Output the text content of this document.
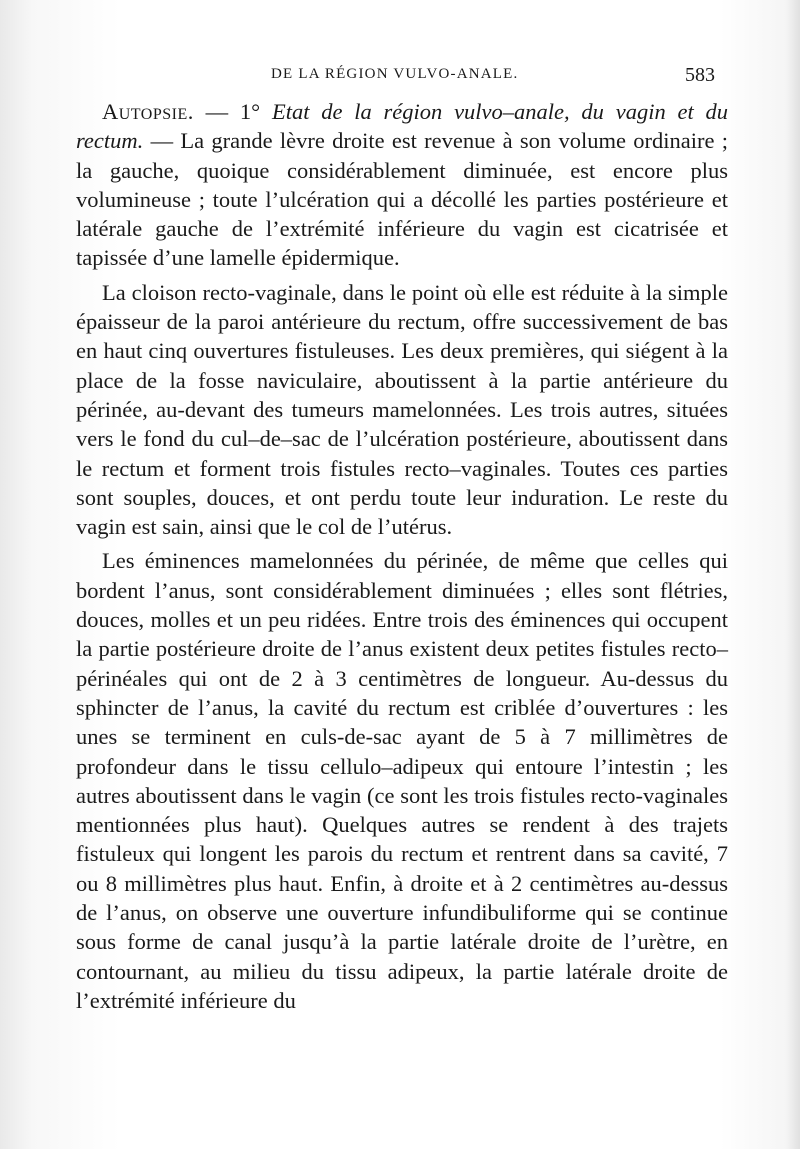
DE LA RÉGION VULVO-ANALE.	583

Autopsie. — 1° Etat de la région vulvo–anale, du vagin et du rectum. — La grande lèvre droite est revenue à son volume ordinaire ; la gauche, quoique considérablement diminuée, est encore plus volumineuse ; toute l’ulcération qui a décollé les parties postérieure et latérale gauche de l’extrémité inférieure du vagin est cicatrisée et tapissée d’une lamelle épidermique.

La cloison recto-vaginale, dans le point où elle est réduite à la simple épaisseur de la paroi antérieure du rectum, offre successivement de bas en haut cinq ouvertures fistuleuses. Les deux premières, qui siégent à la place de la fosse naviculaire, aboutissent à la partie antérieure du périnée, au-devant des tumeurs mamelonnées. Les trois autres, situées vers le fond du cul–de–sac de l’ulcération postérieure, aboutissent dans le rectum et forment trois fistules recto–vaginales. Toutes ces parties sont souples, douces, et ont perdu toute leur induration. Le reste du vagin est sain, ainsi que le col de l’utérus.

Les éminences mamelonnées du périnée, de même que celles qui bordent l’anus, sont considérablement diminuées ; elles sont flétries, douces, molles et un peu ridées. Entre trois des éminences qui occupent la partie postérieure droite de l’anus existent deux petites fistules recto–périnéales qui ont de 2 à 3 centimètres de longueur. Au-dessus du sphincter de l’anus, la cavité du rectum est criblée d’ouvertures : les unes se terminent en culs-de-sac ayant de 5 à 7 millimètres de profondeur dans le tissu cellulo–adipeux qui entoure l’intestin ; les autres aboutissent dans le vagin (ce sont les trois fistules recto-vaginales mentionnées plus haut). Quelques autres se rendent à des trajets fistuleux qui longent les parois du rectum et rentrent dans sa cavité, 7 ou 8 millimètres plus haut. Enfin, à droite et à 2 centimètres au-dessus de l’anus, on observe une ouverture infundibuliforme qui se continue sous forme de canal jusqu’à la partie latérale droite de l’urètre, en contournant, au milieu du tissu adipeux, la partie latérale droite de l’extrémité inférieure du
